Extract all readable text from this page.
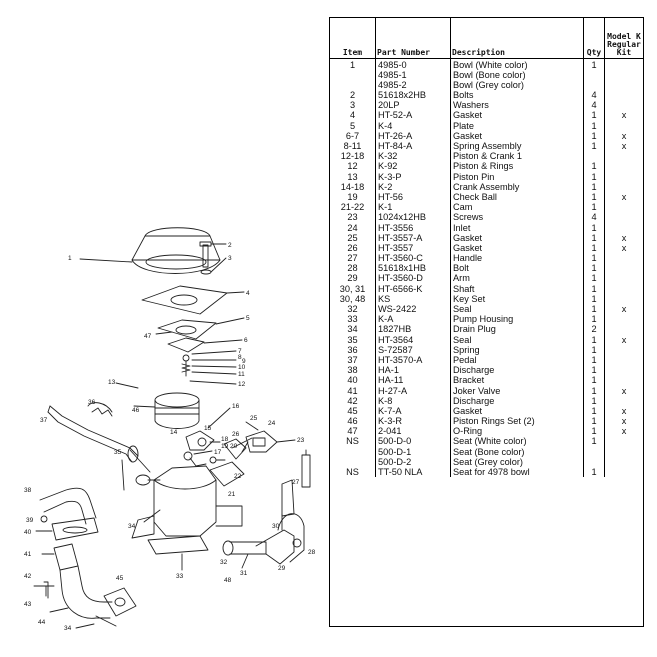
1
2
3
4
5
6
7
8
9
10
11
12
13
14
15
16
17
18
19 20
21
22
23
24
25
26
27
28
29
30
31
32
33
34
35
36
37
38
39
40
41
42
43
44
45
46
47
48
34
Item	Part Number	Description	Qty	Model K
Regular
Kit

1	4985-0	Bowl (White color)	1	
	4985-1	Bowl (Bone color)		
	4985-2	Bowl (Grey color)		
2	51618x2HB	Bolts	4	
3	20LP	Washers	4	
4	HT-52-A	Gasket	1	x
5	K-4	Plate	1	
6-7	HT-26-A	Gasket	1	x
8-11	HT-84-A	Spring Assembly	1	x
12-18	K-32	Piston & Crank 1		
12	K-92	Piston & Rings	1	
13	K-3-P	Piston Pin	1	
14-18	K-2	Crank Assembly	1	
19	HT-56	Check Ball	1	x
21-22	K-1	Cam	1	
23	1024x12HB	Screws	4	
24	HT-3556	Inlet	1	
25	HT-3557-A	Gasket	1	x
26	HT-3557	Gasket	1	x
27	HT-3560-C	Handle	1	
28	51618x1HB	Bolt	1	
29	HT-3560-D	Arm	1	
30, 31	HT-6566-K	Shaft	1	
30, 48	KS	Key Set	1	
32	WS-2422	Seal	1	x
33	K-A	Pump Housing	1	
34	1827HB	Drain Plug	2	
35	HT-3564	Seal	1	x
36	S-72587	Spring	1	
37	HT-3570-A	Pedal	1	
38	HA-1	Discharge	1	
40	HA-11	Bracket	1	
41	H-27-A	Joker Valve	1	x
42	K-8	Discharge	1	
45	K-7-A	Gasket	1	x
46	K-3-R	Piston Rings Set (2)	1	x
47	2-041	O-Ring	1	x
NS	500-D-0	Seat (White color)	1	
	500-D-1	Seat (Bone color)		
	500-D-2	Seat (Grey color)		
NS	TT-50 NLA	Seat for 4978 bowl	1	
